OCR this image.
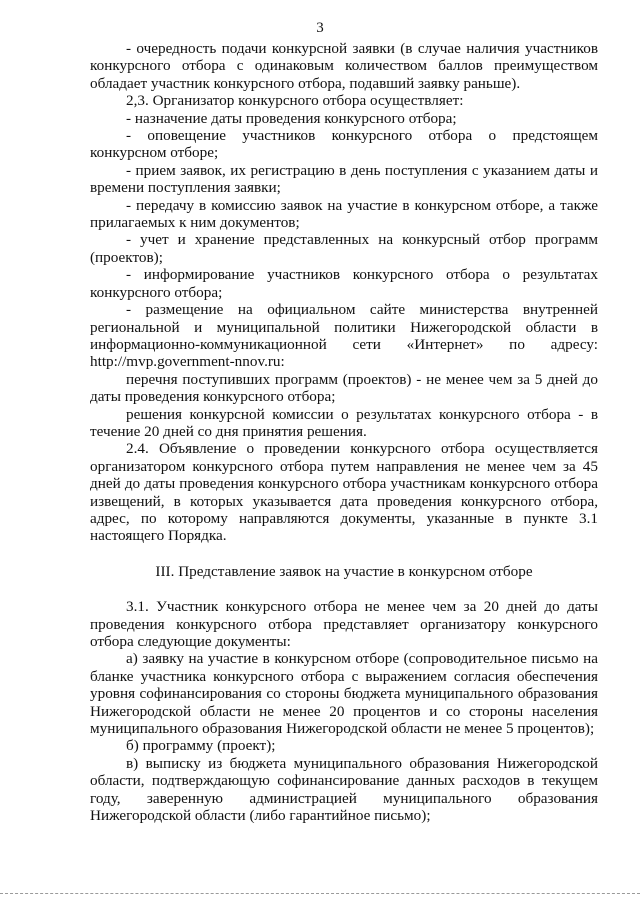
3

- очередность подачи конкурсной заявки (в случае наличия участников конкурсного отбора с одинаковым количеством баллов преимуществом обладает участник конкурсного отбора, подавший заявку раньше).

2,3. Организатор конкурсного отбора осуществляет:

- назначение даты проведения конкурсного отбора;

- оповещение участников конкурсного отбора о предстоящем конкурсном отборе;

- прием заявок, их регистрацию в день поступления с указанием даты и времени поступления заявки;

- передачу в комиссию заявок на участие в конкурсном отборе, а также прилагаемых к ним документов;

- учет и хранение представленных на конкурсный отбор программ (проектов);

- информирование участников конкурсного отбора о результатах конкурсного отбора;

- размещение на официальном сайте министерства внутренней региональной и муниципальной политики Нижегородской области в информационно-коммуникационной сети «Интернет» по адресу: http://mvp.government-nnov.ru:

перечня поступивших программ (проектов) - не менее чем за 5 дней до даты проведения конкурсного отбора;

решения конкурсной комиссии о результатах конкурсного отбора - в течение 20 дней со дня принятия решения.

2.4. Объявление о проведении конкурсного отбора осуществляется организатором конкурсного отбора путем направления не менее чем за 45 дней до даты проведения конкурсного отбора участникам конкурсного отбора извещений, в которых указывается дата проведения конкурсного отбора, адрес, по которому направляются документы, указанные в пункте 3.1 настоящего Порядка.

III. Представление заявок на участие в конкурсном отборе

3.1. Участник конкурсного отбора не менее чем за 20 дней до даты проведения конкурсного отбора представляет организатору конкурсного отбора следующие документы:

а) заявку на участие в конкурсном отборе (сопроводительное письмо на бланке участника конкурсного отбора с выражением согласия обеспечения уровня софинансирования со стороны бюджета муниципального образования Нижегородской области не менее 20 процентов и со стороны населения муниципального образования Нижегородской области не менее 5 процентов);

б) программу (проект);

в) выписку из бюджета муниципального образования Нижегородской области, подтверждающую софинансирование данных расходов в текущем году, заверенную администрацией муниципального образования Нижегородской области (либо гарантийное письмо);
